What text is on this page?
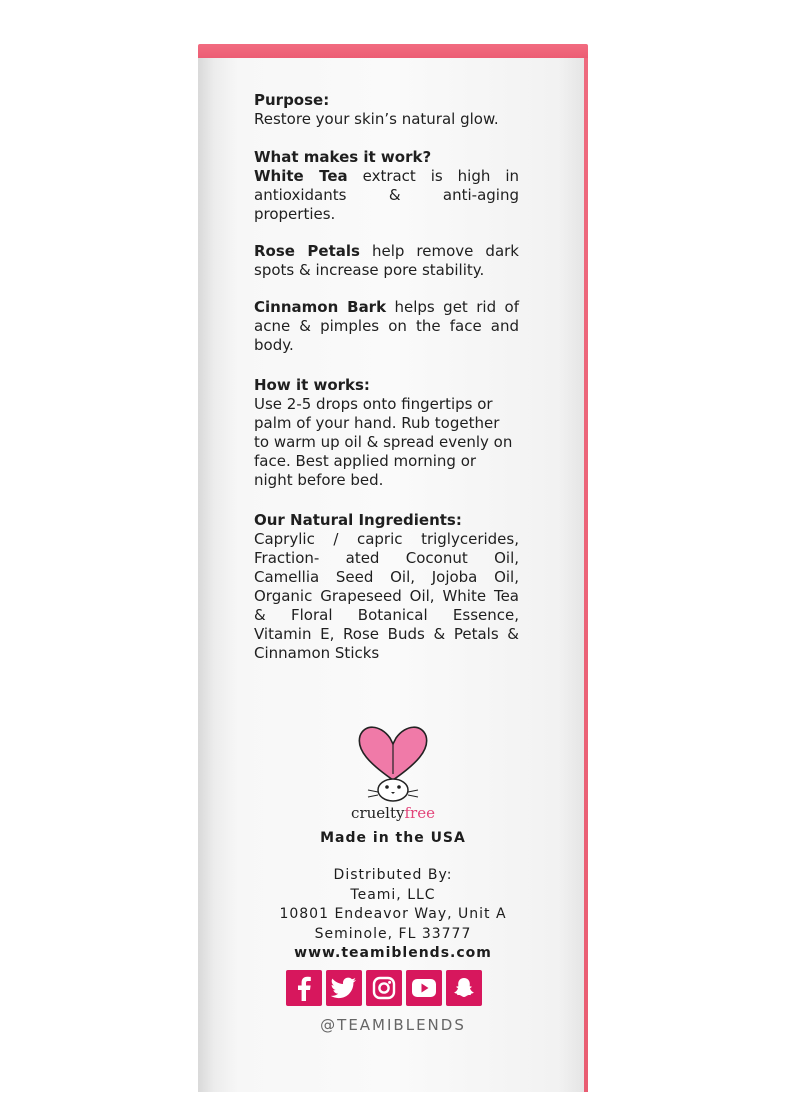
Purpose:

Restore your skin’s natural glow.

What makes it work?

White Tea extract is high in antioxidants & anti-aging properties.

Rose Petals help remove dark spots & increase pore stability.

Cinnamon Bark helps get rid of acne & pimples on the face and body.

How it works:

Use 2-5 drops onto fingertips or palm of your hand. Rub together to warm up oil & spread evenly on face. Best applied morning or night before bed.

Our Natural Ingredients:

Caprylic / capric triglycerides, Fraction- ated Coconut Oil, Camellia Seed Oil, Jojoba Oil, Organic Grapeseed Oil, White Tea & Floral Botanical Essence, Vitamin E, Rose Buds & Petals & Cinnamon Sticks

crueltyfree
Made in the USA
Distributed By:
Teami, LLC
10801 Endeavor Way, Unit A
Seminole, FL 33777
www.teamiblends.com
@TEAMIBLENDS
